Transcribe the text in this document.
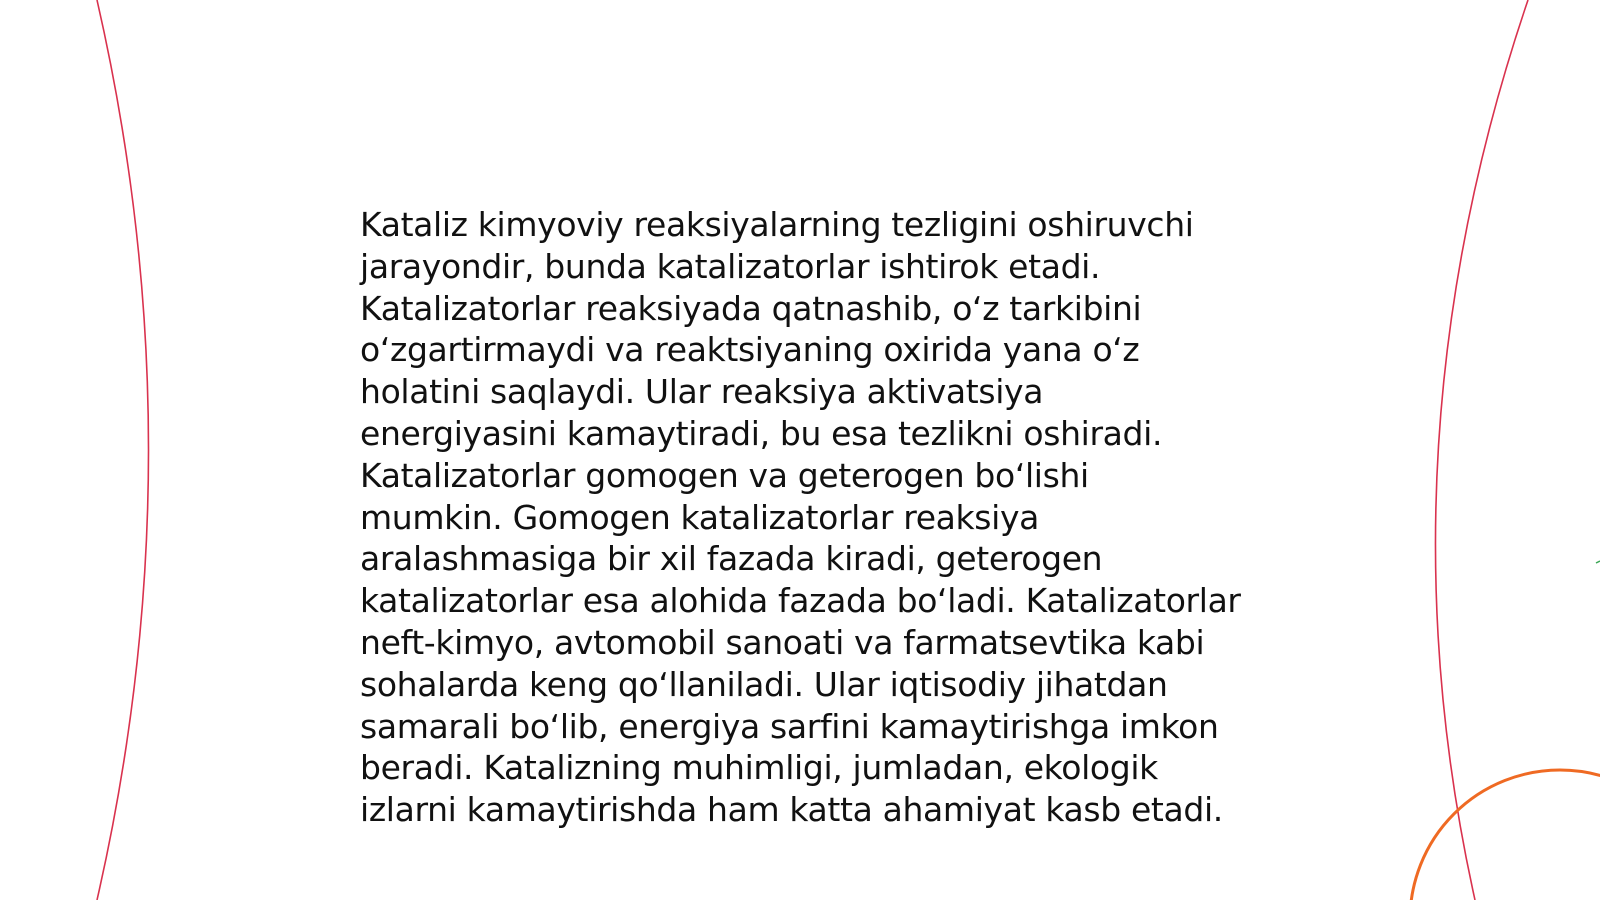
Kataliz kimyoviy reaksiyalarning tezligini oshiruvchi
jarayondir, bunda katalizatorlar ishtirok etadi.
Katalizatorlar reaksiyada qatnashib, o‘z tarkibini
o‘zgartirmaydi va reaktsiyaning oxirida yana o‘z
holatini saqlaydi. Ular reaksiya aktivatsiya
energiyasini kamaytiradi, bu esa tezlikni oshiradi.
Katalizatorlar gomogen va geterogen bo‘lishi
mumkin. Gomogen katalizatorlar reaksiya
aralashmasiga bir xil fazada kiradi, geterogen
katalizatorlar esa alohida fazada bo‘ladi. Katalizatorlar
neft-kimyo, avtomobil sanoati va farmatsevtika kabi
sohalarda keng qo‘llaniladi. Ular iqtisodiy jihatdan
samarali bo‘lib, energiya sarfini kamaytirishga imkon
beradi. Katalizning muhimligi, jumladan, ekologik
izlarni kamaytirishda ham katta ahamiyat kasb etadi.
